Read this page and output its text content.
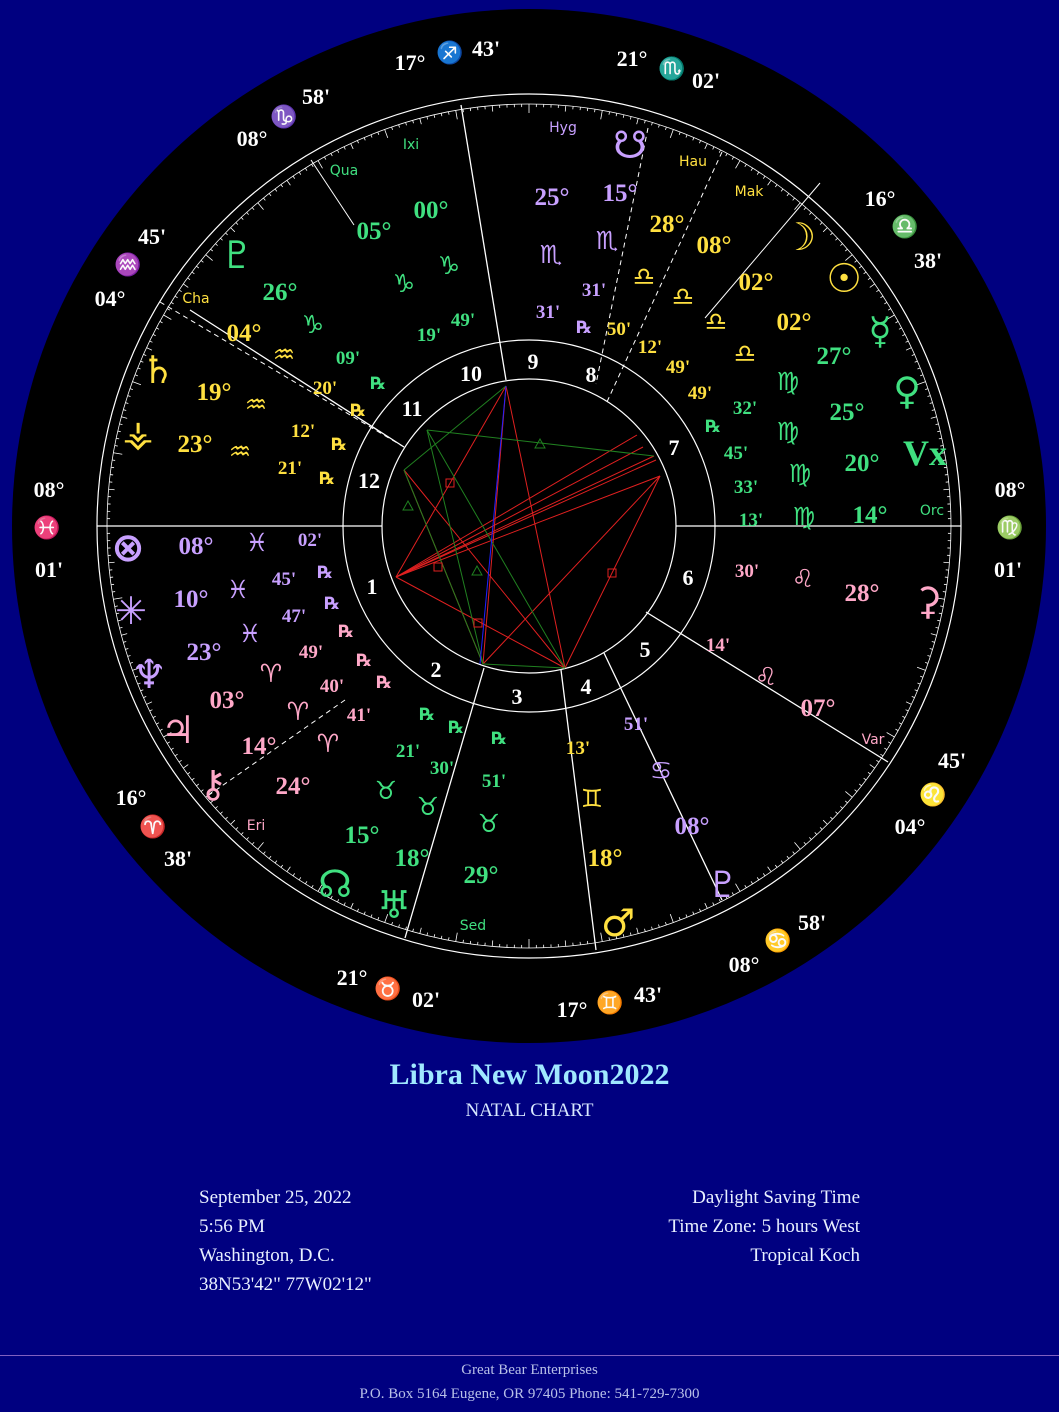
1
2
3	4
5
6
7
8
9
10
11
12
17° ♐ 43'	21° ♏ 02'
16°
♎
38'
08°
♍
01'
45'
♌
04°
58'
♋
08°
43'
♊
17°
02'
♉
21°
38'
♈
16°
08°
♓
01'
45'
♒
04°
58'
♑
08°	Ixi
Qua
Hyg
Hau
Mak
Cha
Orc
Var
Eri
Sed
☋
25°
♏
31'
℞
15°
♏
31'
50'
28°
♎
12'
08°
♎
49'
☽
02°
♎
49'
☉
02°
♎
32'
☿
27°
♍
℞
45'
♀
25°
♍
33'
Vx
20°
♍
13'	14°
♍
⚳
28°
♌
30'
07°
♌
14'
♇
08°
♋
51'
♂
18°
♊
13'
29°
♉
51'
℞
♅
18°
♉
30'
℞
☊
15°
♉
21'
℞
⚷
14°
♈ 41'
℞
24°
♈
♃
03°
♈ 40'
℞
♆ 23°
♓
49'
℞
✳ 10° ♓
47'
℞
⊗ 08° ♓
45' ℞
02'
⚶ 23° ♒
21' ℞
♄
19° ♒
12'
℞
04°
♒
20'
℞
♇
26°
♑
09'
℞
05°
♑
19'
00°
♑
49'
Libra New Moon2022
NATAL CHART
September 25, 2022
5:56 PM
Washington, D.C.
38N53'42" 77W02'12"
Daylight Saving Time
Time Zone: 5 hours West
Tropical Koch
Great Bear Enterprises
P.O. Box 5164 Eugene, OR 97405 Phone: 541-729-7300
